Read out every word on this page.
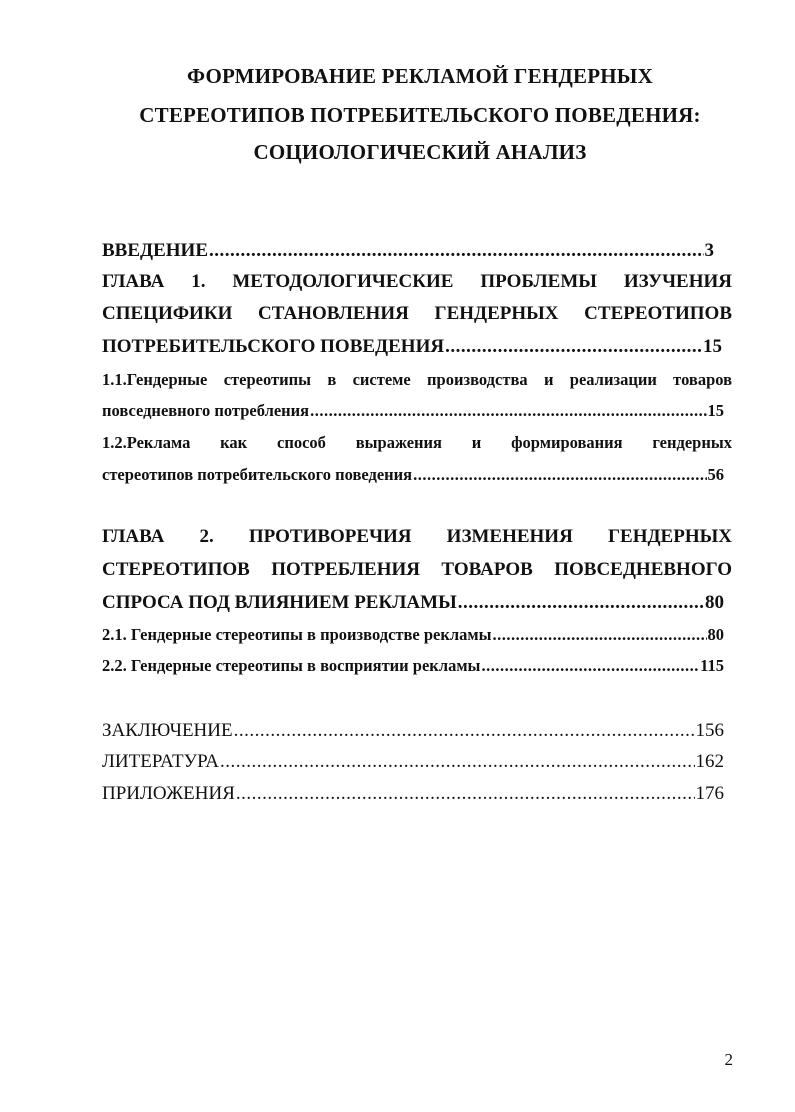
ФОРМИРОВАНИЕ РЕКЛАМОЙ ГЕНДЕРНЫХ
СТЕРЕОТИПОВ ПОТРЕБИТЕЛЬСКОГО ПОВЕДЕНИЯ:
СОЦИОЛОГИЧЕСКИЙ АНАЛИЗ
ВВЕДЕНИЕ .....	3
ГЛАВА 1. МЕТОДОЛОГИЧЕСКИЕ ПРОБЛЕМЫ ИЗУЧЕНИЯ
СПЕЦИФИКИ СТАНОВЛЕНИЯ ГЕНДЕРНЫХ СТЕРЕОТИПОВ
ПОТРЕБИТЕЛЬСКОГО ПОВЕДЕНИЯ .....	15
1.1.Гендерные стереотипы в системе производства и реализации товаров
повседневного потребления .....	15
1.2.Реклама как способ выражения и формирования гендерных
стереотипов потребительского поведения .....	56
ГЛАВА 2. ПРОТИВОРЕЧИЯ ИЗМЕНЕНИЯ ГЕНДЕРНЫХ
СТЕРЕОТИПОВ ПОТРЕБЛЕНИЯ ТОВАРОВ ПОВСЕДНЕВНОГО
СПРОСА ПОД ВЛИЯНИЕМ РЕКЛАМЫ .....	80
2.1. Гендерные стереотипы в производстве рекламы .....	80
2.2. Гендерные стереотипы в восприятии рекламы .....	115
ЗАКЛЮЧЕНИЕ .....	156
ЛИТЕРАТУРА .....	162
ПРИЛОЖЕНИЯ .....	176
2
